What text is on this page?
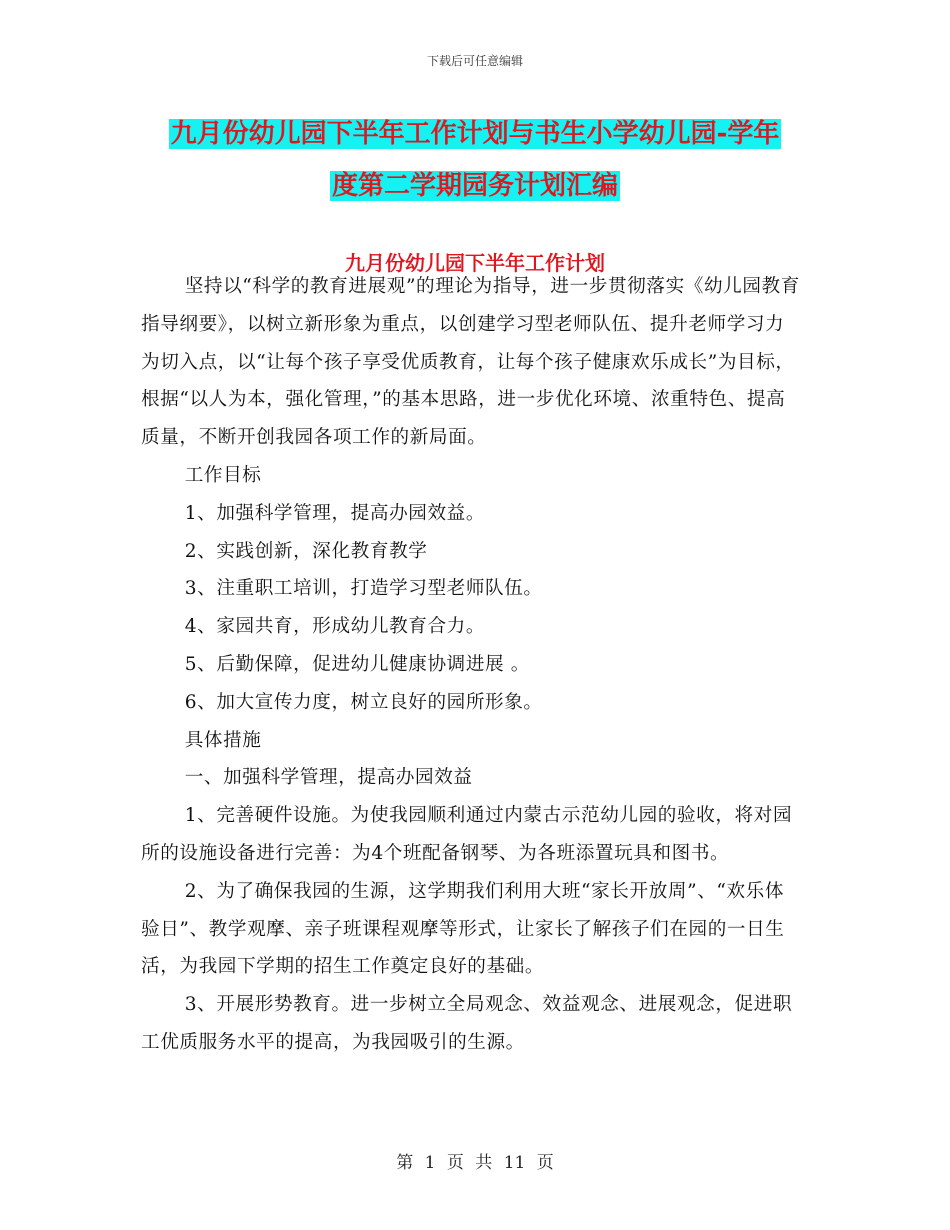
下载后可任意编辑
九月份幼儿园下半年工作计划与书生小学幼儿园-学年
度第二学期园务计划汇编
九月份幼儿园下半年工作计划

坚持以“科学的教育进展观”的理论为指导，进一步贯彻落实《幼儿园教育指导纲要》，以树立新形象为重点，以创建学习型老师队伍、提升老师学习力为切入点，以“让每个孩子享受优质教育，让每个孩子健康欢乐成长”为目标，根据“以人为本，强化管理，”的基本思路，进一步优化环境、浓重特色、提高质量，不断开创我园各项工作的新局面。

工作目标

1、加强科学管理，提高办园效益。

2、实践创新，深化教育教学

3、注重职工培训，打造学习型老师队伍。

4、家园共育，形成幼儿教育合力。

5、后勤保障，促进幼儿健康协调进展 。

6、加大宣传力度，树立良好的园所形象。

具体措施

一、加强科学管理，提高办园效益

1、完善硬件设施。为使我园顺利通过内蒙古示范幼儿园的验收，将对园所的设施设备进行完善：为4个班配备钢琴、为各班添置玩具和图书。

2、为了确保我园的生源，这学期我们利用大班“家长开放周”、“欢乐体验日”、教学观摩、亲子班课程观摩等形式，让家长了解孩子们在园的一日生活，为我园下学期的招生工作奠定良好的基础。

3、开展形势教育。进一步树立全局观念、效益观念、进展观念，促进职工优质服务水平的提高，为我园吸引的生源。

第 1 页 共 11 页
